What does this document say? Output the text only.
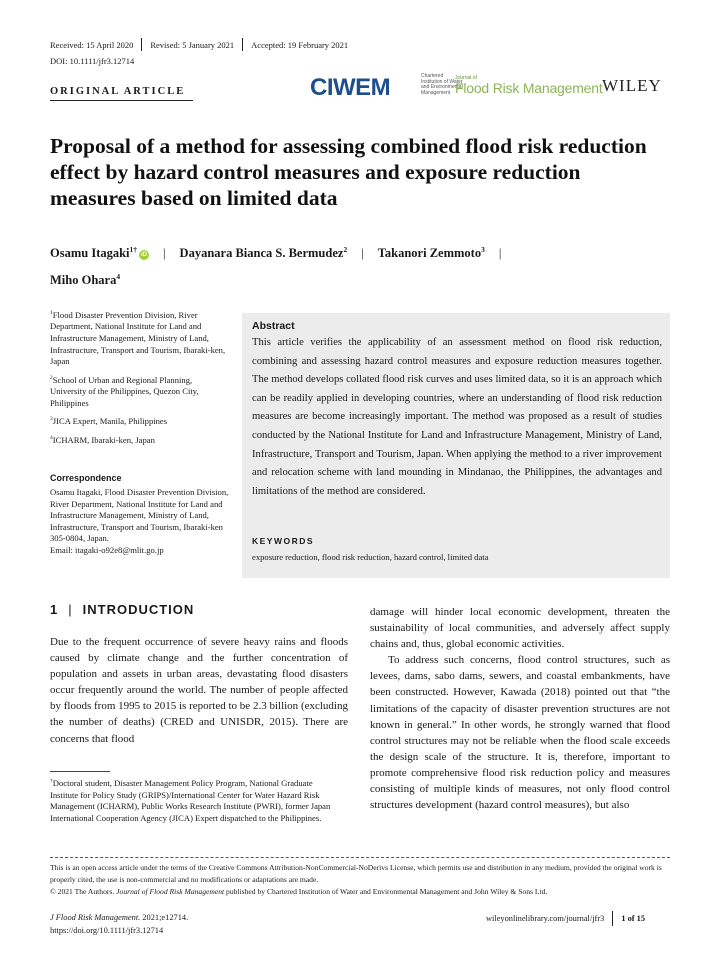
Received: 15 April 2020 Revised: 5 January 2021 Accepted: 19 February 2021
DOI: 10.1111/jfr3.12714
ORIGINAL ARTICLE	CIWEM	Chartered Institution of Water and Environmental Management
Journal of
Flood Risk Management WILEY
Proposal of a method for assessing combined flood risk reduction effect by hazard control measures and exposure reduction measures based on limited data
Osamu Itagaki$^{1\dagger}$iD | Dayanara Bianca S. Bermudez$^2$ | Takanori Zemmoto$^3$ |
Miho Ohara$^4$

$^1$Flood Disaster Prevention Division, River Department, National Institute for Land and Infrastructure Management, Ministry of Land, Infrastructure, Transport and Tourism, Ibaraki-ken, Japan

$^2$School of Urban and Regional Planning, University of the Philippines, Quezon City, Philippines

$^3$JICA Expert, Manila, Philippines

$^4$ICHARM, Ibaraki-ken, Japan

Correspondence
Osamu Itagaki, Flood Disaster Prevention Division, River Department, National Institute for Land and Infrastructure Management, Ministry of Land, Infrastructure, Transport and Tourism, Ibaraki-ken 305-0804, Japan.
Email: itagaki-o92e8@mlit.go.jp
Abstract
This article verifies the applicability of an assessment method on flood risk reduction, combining and assessing hazard control measures and exposure reduction measures together. The method develops collated flood risk curves and uses limited data, so it is an approach which can be readily applied in developing countries, where an understanding of flood risk reduction measures are become increasingly important. The method was proposed as a result of studies conducted by the National Institute for Land and Infrastructure Management, Ministry of Land, Infrastructure, Transport and Tourism, Japan. When applying the method to a river improvement and relocation scheme with land mounding in Mindanao, the Philippines, the advantages and limitations of the method are considered.
KEYWORDS
exposure reduction, flood risk reduction, hazard control, limited data
1 | INTRODUCTION

Due to the frequent occurrence of severe heavy rains and floods caused by climate change and the further concentration of population and assets in urban areas, devastating flood disasters occur frequently around the world. The number of people affected by floods from 1995 to 2015 is reported to be 2.3 billion (excluding the number of deaths) (CRED and UNISDR, 2015). There are concerns that flood

damage will hinder local economic development, threaten the sustainability of local communities, and adversely affect supply chains and, thus, global economic activities.

To address such concerns, flood control structures, such as levees, dams, sabo dams, sewers, and coastal embankments, have been constructed. However, Kawada (2018) pointed out that “the limitations of the capacity of disaster prevention structures are not known in general.” In other words, he strongly warned that flood control structures may not be reliable when the flood scale exceeds the design scale of the structure. It is, therefore, important to promote comprehensive flood risk reduction policy and measures consisting of multiple kinds of measures, not only flood control structures development (hazard control measures), but also

†Doctoral student, Disaster Management Policy Program, National Graduate Institute for Policy Study (GRIPS)/International Center for Water Hazard Risk Management (ICHARM), Public Works Research Institute (PWRI), former Japan International Cooperation Agency (JICA) Expert dispatched to the Philippines.
This is an open access article under the terms of the Creative Commons Attribution-NonCommercial-NoDerivs License, which permits use and distribution in any medium, provided the original work is properly cited, the use is non-commercial and no modifications or adaptations are made.
© 2021 The Authors. Journal of Flood Risk Management published by Chartered Institution of Water and Environmental Management and John Wiley & Sons Ltd.
J Flood Risk Management. 2021;e12714.
https://doi.org/10.1111/jfr3.12714
wileyonlinelibrary.com/journal/jfr3 1 of 15
